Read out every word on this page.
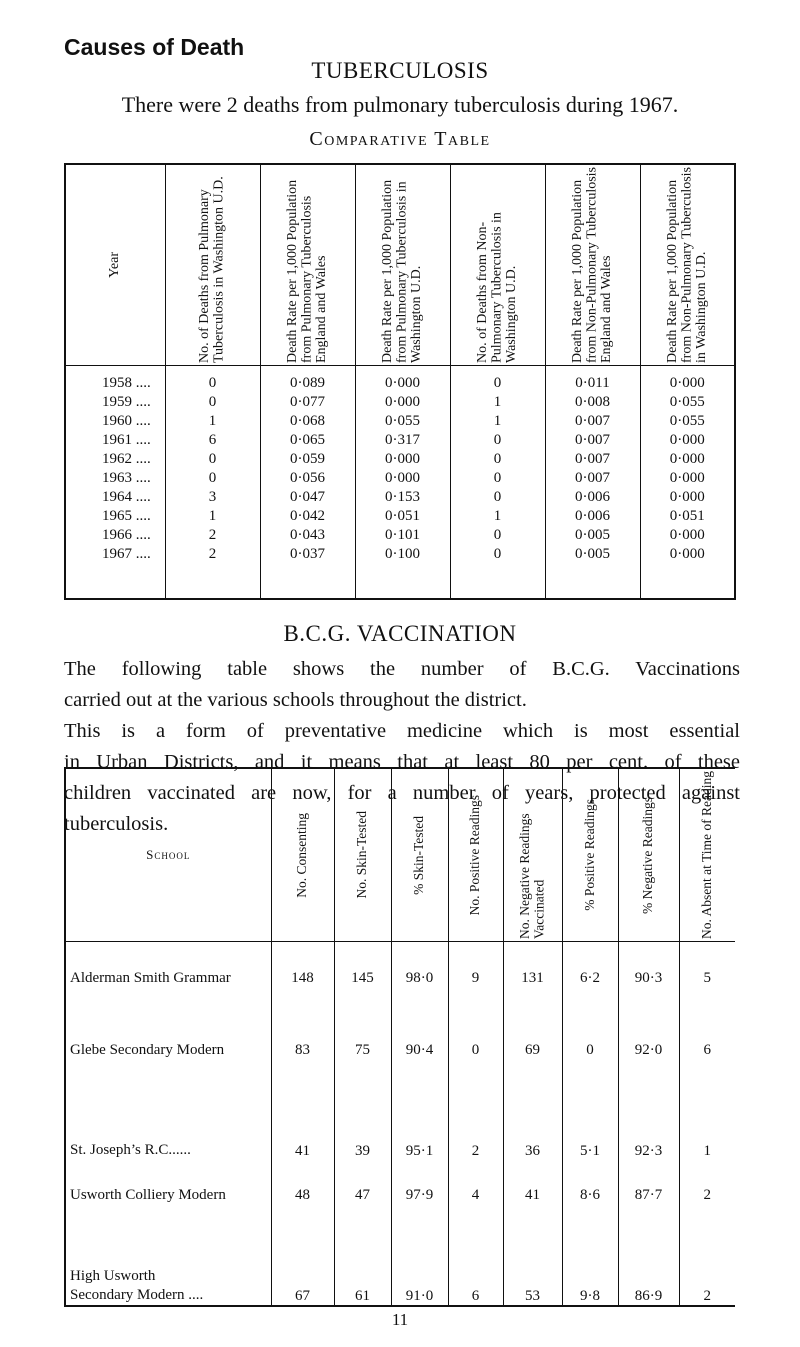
Causes of Death
TUBERCULOSIS
There were 2 deaths from pulmonary tuberculosis during 1967.
Comparative Table
Year	No. of Deaths from Pulmonary Tuberculosis in Washington U.D.	Death Rate per 1,000 Population from Pulmonary Tuberculosis England and Wales	Death Rate per 1,000 Population from Pulmonary Tuberculosis in Washington U.D.	No. of Deaths from Non-Pulmonary Tuberculosis in Washington U.D.	Death Rate per 1,000 Population from Non-Pulmonary Tuberculosis England and Wales	Death Rate per 1,000 Population from Non-Pulmonary Tuberculosis in Washington U.D.

1958 ....	0	0·089	0·000	0	0·011	0·000
1959 ....	0	0·077	0·000	1	0·008	0·055
1960 ....	1	0·068	0·055	1	0·007	0·055
1961 ....	6	0·065	0·317	0	0·007	0·000
1962 ....	0	0·059	0·000	0	0·007	0·000
1963 ....	0	0·056	0·000	0	0·007	0·000
1964 ....	3	0·047	0·153	0	0·006	0·000
1965 ....	1	0·042	0·051	1	0·006	0·051
1966 ....	2	0·043	0·101	0	0·005	0·000
1967 ....	2	0·037	0·100	0	0·005	0·000

B.C.G. VACCINATION
The following table shows the number of B.C.G. Vaccinations
carried out at the various schools throughout the district.
This is a form of preventative medicine which is most essential
in Urban Districts, and it means that at least 80 per cent. of these
children vaccinated are now, for a number of years, protected against
tuberculosis.
School	No. Consenting	No. Skin-Tested	% Skin-Tested	No. Positive Readings	No. Negative Readings Vaccinated	% Positive Readings	% Negative Readings	No. Absent at Time of Reading

Alderman Smith Grammar	148	145	98·0	9	131	6·2	90·3	5

Glebe Secondary Modern	83	75	90·4	0	69	0	92·0	6

St. Joseph’s R.C......	41	39	95·1	2	36	5·1	92·3	1

Usworth Colliery Modern	48	47	97·9	4	41	8·6	87·7	2

High Usworth
Secondary Modern ....	67	61	91·0	6	53	9·8	86·9	2
11
